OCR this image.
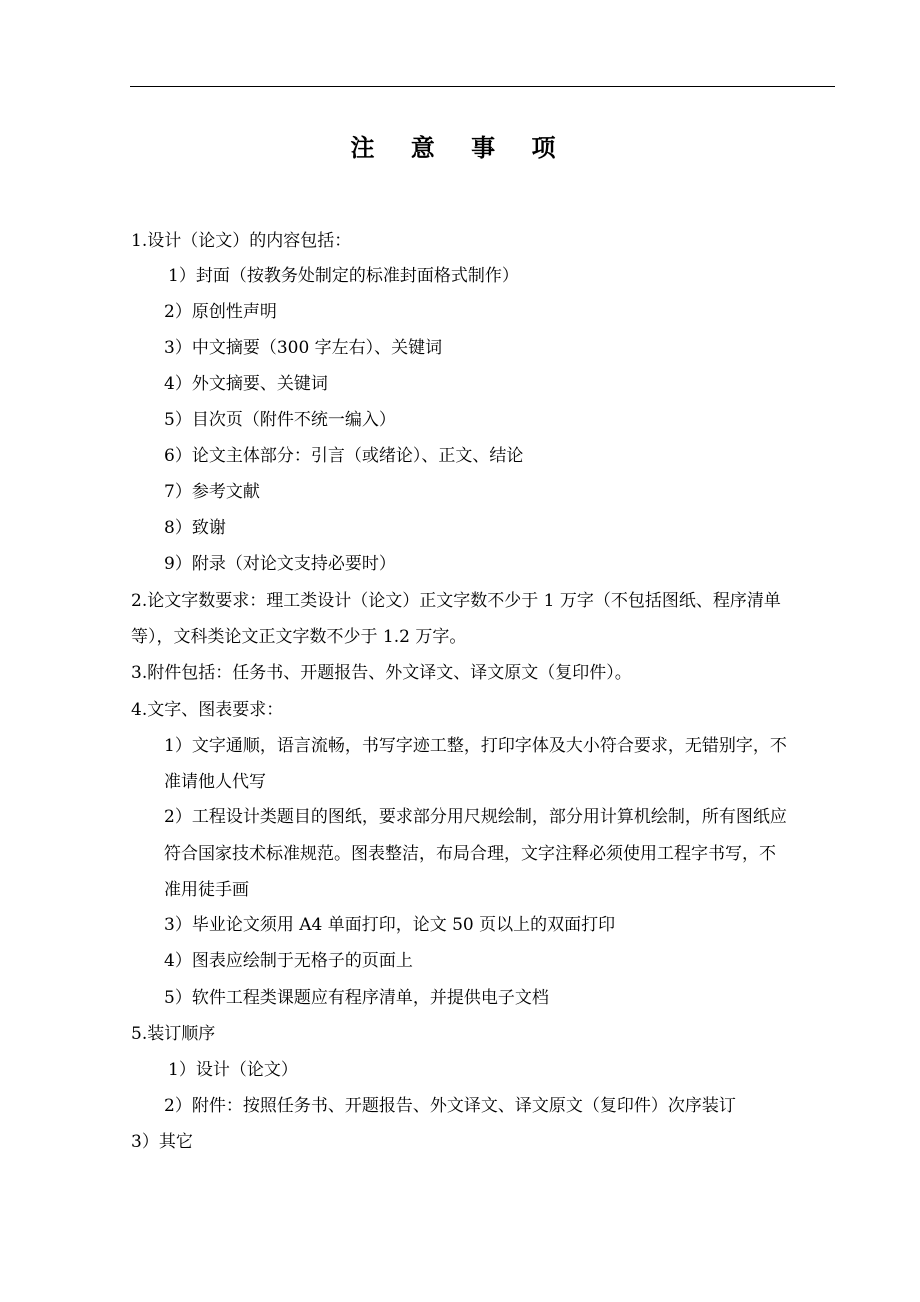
注 意 事 项
1.设计（论文）的内容包括：
1）封面（按教务处制定的标准封面格式制作）
2）原创性声明
3）中文摘要（300 字左右）、关键词
4）外文摘要、关键词
5）目次页（附件不统一编入）
6）论文主体部分：引言（或绪论）、正文、结论
7）参考文献
8）致谢
9）附录（对论文支持必要时）
2.论文字数要求：理工类设计（论文）正文字数不少于 1 万字（不包括图纸、程序清单
等），文科类论文正文字数不少于 1.2 万字。
3.附件包括：任务书、开题报告、外文译文、译文原文（复印件）。
4.文字、图表要求：
1）文字通顺，语言流畅，书写字迹工整，打印字体及大小符合要求，无错别字，不
准请他人代写
2）工程设计类题目的图纸，要求部分用尺规绘制，部分用计算机绘制，所有图纸应
符合国家技术标准规范。图表整洁，布局合理，文字注释必须使用工程字书写，不
准用徒手画
3）毕业论文须用 A4 单面打印，论文 50 页以上的双面打印
4）图表应绘制于无格子的页面上
5）软件工程类课题应有程序清单，并提供电子文档
5.装订顺序
1）设计（论文）
2）附件：按照任务书、开题报告、外文译文、译文原文（复印件）次序装订
3）其它
